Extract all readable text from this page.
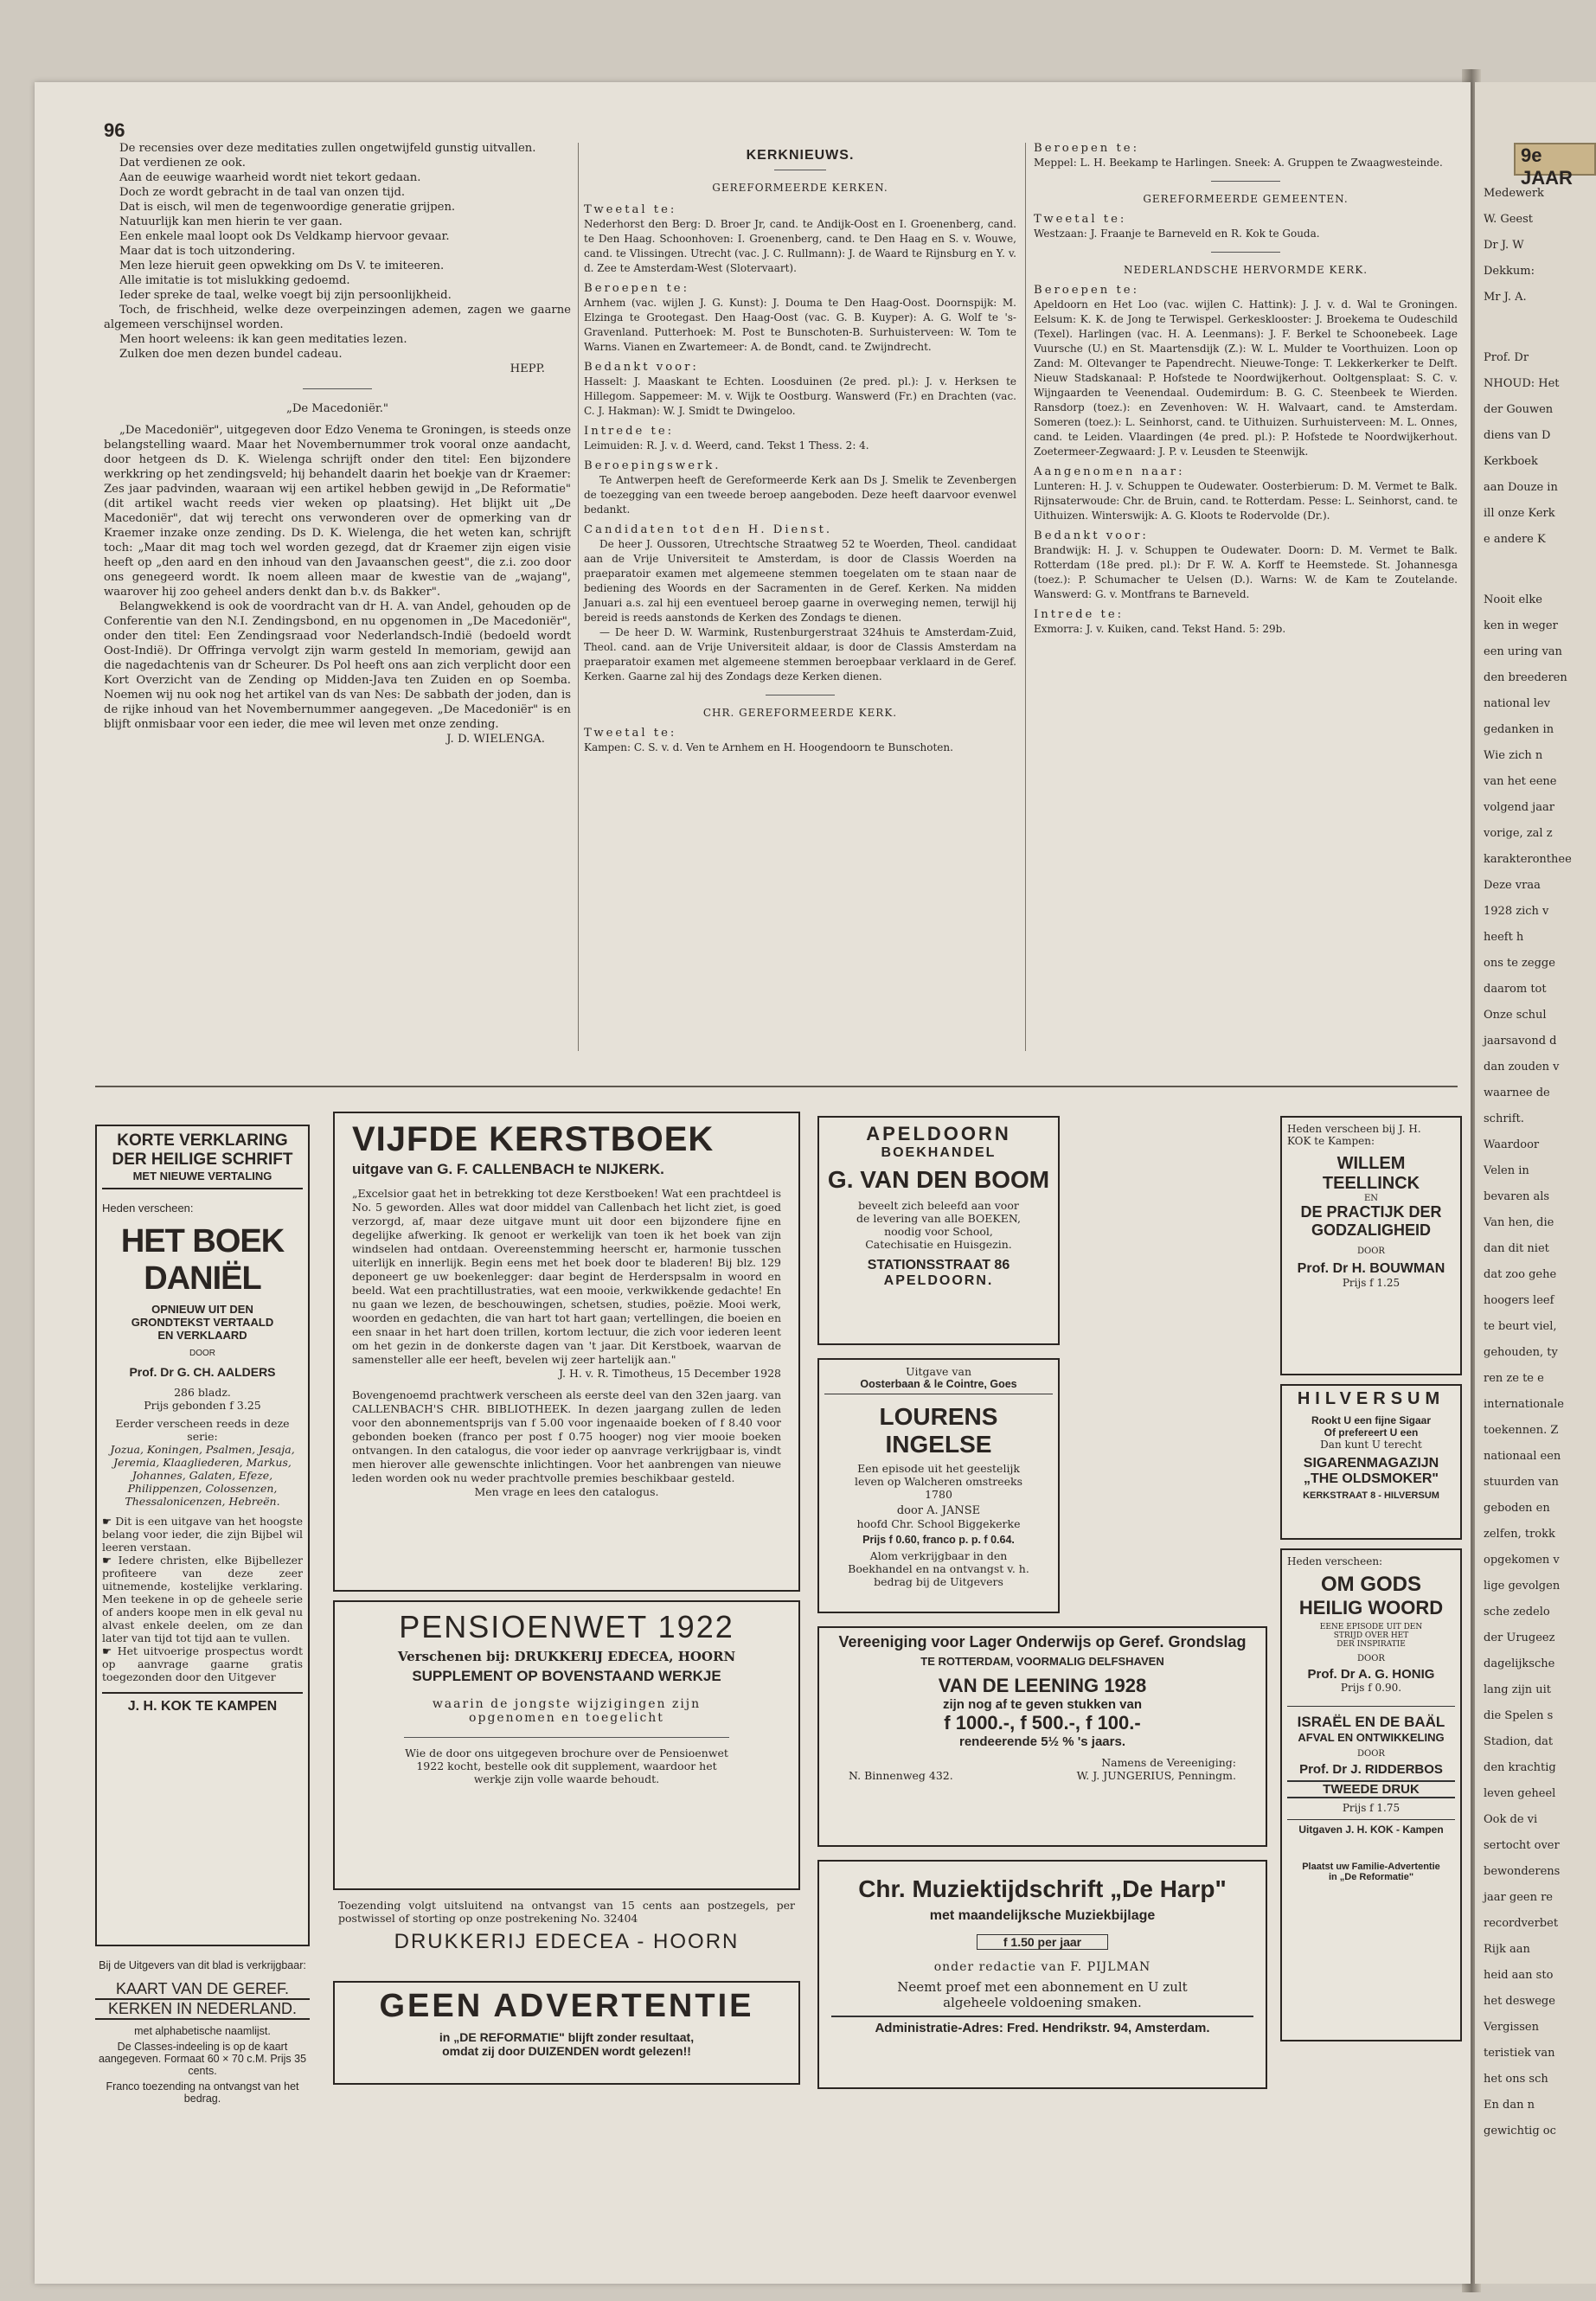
96

De recensies over deze meditaties zullen ongetwijfeld gunstig uitvallen.

Dat verdienen ze ook.

Aan de eeuwige waarheid wordt niet tekort gedaan.

Doch ze wordt gebracht in de taal van onzen tijd.

Dat is eisch, wil men de tegenwoordige generatie grijpen.

Natuurlijk kan men hierin te ver gaan.

Een enkele maal loopt ook Ds Veldkamp hiervoor gevaar.

Maar dat is toch uitzondering.

Men leze hieruit geen opwekking om Ds V. te imiteeren.

Alle imitatie is tot mislukking gedoemd.

Ieder spreke de taal, welke voegt bij zijn persoonlijkheid.

Toch, de frischheid, welke deze overpeinzingen ademen, zagen we gaarne algemeen verschijnsel worden.

Men hoort weleens: ik kan geen meditaties lezen.

Zulken doe men dezen bundel cadeau.

HEPP.

„De Macedoniër."

„De Macedoniër", uitgegeven door Edzo Venema te Groningen, is steeds onze belangstelling waard. Maar het Novembernummer trok vooral onze aandacht, door hetgeen ds D. K. Wielenga schrijft onder den titel: Een bijzondere werkkring op het zendingsveld; hij behandelt daarin het boekje van dr Kraemer: Zes jaar padvinden, waaraan wij een artikel hebben gewijd in „De Reformatie" (dit artikel wacht reeds vier weken op plaatsing). Het blijkt uit „De Macedoniër", dat wij terecht ons verwonderen over de opmerking van dr Kraemer inzake onze zending. Ds D. K. Wielenga, die het weten kan, schrijft toch: „Maar dit mag toch wel worden gezegd, dat dr Kraemer zijn eigen visie heeft op „den aard en den inhoud van den Javaanschen geest", die z.i. zoo door ons genegeerd wordt. Ik noem alleen maar de kwestie van de „wajang", waarover hij zoo geheel anders denkt dan b.v. ds Bakker".

Belangwekkend is ook de voordracht van dr H. A. van Andel, gehouden op de Conferentie van den N.I. Zendingsbond, en nu opgenomen in „De Macedoniër", onder den titel: Een Zendingsraad voor Nederlandsch-Indië (bedoeld wordt Oost-Indië). Dr Offringa vervolgt zijn warm gesteld In memoriam, gewijd aan die nagedachtenis van dr Scheurer. Ds Pol heeft ons aan zich verplicht door een Kort Overzicht van de Zending op Midden-Java ten Zuiden en op Soemba. Noemen wij nu ook nog het artikel van ds van Nes: De sabbath der joden, dan is de rijke inhoud van het Novembernummer aangegeven. „De Macedoniër" is en blijft onmisbaar voor een ieder, die mee wil leven met onze zending.

J. D. WIELENGA.

KERKNIEUWS.

GEREFORMEERDE KERKEN.

Tweetal te:

Nederhorst den Berg: D. Broer Jr, cand. te Andijk-Oost en I. Groenenberg, cand. te Den Haag. Schoonhoven: I. Groenenberg, cand. te Den Haag en S. v. Wouwe, cand. te Vlissingen. Utrecht (vac. J. C. Rullmann): J. de Waard te Rijnsburg en Y. v. d. Zee te Amsterdam-West (Slotervaart).

Beroepen te:

Arnhem (vac. wijlen J. G. Kunst): J. Douma te Den Haag-Oost. Doornspijk: M. Elzinga te Grootegast. Den Haag-Oost (vac. G. B. Kuyper): A. G. Wolf te 's-Gravenland. Putterhoek: M. Post te Bunschoten-B. Surhuisterveen: W. Tom te Warns. Vianen en Zwartemeer: A. de Bondt, cand. te Zwijndrecht.

Bedankt voor:

Hasselt: J. Maaskant te Echten. Loosduinen (2e pred. pl.): J. v. Herksen te Hillegom. Sappemeer: M. v. Wijk te Oostburg. Wanswerd (Fr.) en Drachten (vac. C. J. Hakman): W. J. Smidt te Dwingeloo.

Intrede te:

Leimuiden: R. J. v. d. Weerd, cand. Tekst 1 Thess. 2: 4.

Beroepingswerk.

Te Antwerpen heeft de Gereformeerde Kerk aan Ds J. Smelik te Zevenbergen de toezegging van een tweede beroep aangeboden. Deze heeft daarvoor evenwel bedankt.

Candidaten tot den H. Dienst.

De heer J. Oussoren, Utrechtsche Straatweg 52 te Woerden, Theol. candidaat aan de Vrije Universiteit te Amsterdam, is door de Classis Woerden na praeparatoir examen met algemeene stemmen toegelaten om te staan naar de bediening des Woords en der Sacramenten in de Geref. Kerken. Na midden Januari a.s. zal hij een eventueel beroep gaarne in overweging nemen, terwijl hij bereid is reeds aanstonds de Kerken des Zondags te dienen.

— De heer D. W. Warmink, Rustenburgerstraat 324huis te Amsterdam-Zuid, Theol. cand. aan de Vrije Universiteit aldaar, is door de Classis Amsterdam na praeparatoir examen met algemeene stemmen beroepbaar verklaard in de Geref. Kerken. Gaarne zal hij des Zondags deze Kerken dienen.

CHR. GEREFORMEERDE KERK.

Tweetal te:

Kampen: C. S. v. d. Ven te Arnhem en H. Hoogendoorn te Bunschoten.

Beroepen te:

Meppel: L. H. Beekamp te Harlingen. Sneek: A. Gruppen te Zwaagwesteinde.

GEREFORMEERDE GEMEENTEN.

Tweetal te:

Westzaan: J. Fraanje te Barneveld en R. Kok te Gouda.

NEDERLANDSCHE HERVORMDE KERK.

Beroepen te:

Apeldoorn en Het Loo (vac. wijlen C. Hattink): J. J. v. d. Wal te Groningen. Eelsum: K. K. de Jong te Terwispel. Gerkesklooster: J. Broekema te Oudeschild (Texel). Harlingen (vac. H. A. Leenmans): J. F. Berkel te Schoonebeek. Lage Vuursche (U.) en St. Maartensdijk (Z.): W. L. Mulder te Voorthuizen. Loon op Zand: M. Oltevanger te Papendrecht. Nieuwe-Tonge: T. Lekkerkerker te Delft. Nieuw Stadskanaal: P. Hofstede te Noordwijkerhout. Ooltgensplaat: S. C. v. Wijngaarden te Veenendaal. Oudemirdum: B. G. C. Steenbeek te Wierden. Ransdorp (toez.): en Zevenhoven: W. H. Walvaart, cand. te Amsterdam. Someren (toez.): L. Seinhorst, cand. te Uithuizen. Surhuisterveen: M. L. Onnes, cand. te Leiden. Vlaardingen (4e pred. pl.): P. Hofstede te Noordwijkerhout. Zoetermeer-Zegwaard: J. P. v. Leusden te Steenwijk.

Aangenomen naar:

Lunteren: H. J. v. Schuppen te Oudewater. Oosterbierum: D. M. Vermet te Balk. Rijnsaterwoude: Chr. de Bruin, cand. te Rotterdam. Pesse: L. Seinhorst, cand. te Uithuizen. Winterswijk: A. G. Kloots te Rodervolde (Dr.).

Bedankt voor:

Brandwijk: H. J. v. Schuppen te Oudewater. Doorn: D. M. Vermet te Balk. Rotterdam (18e pred. pl.): Dr F. W. A. Korff te Heemstede. St. Johannesga (toez.): P. Schumacher te Uelsen (D.). Warns: W. de Kam te Zoutelande. Wanswerd: G. v. Montfrans te Barneveld.

Intrede te:

Exmorra: J. v. Kuiken, cand. Tekst Hand. 5: 29b.

KORTE VERKLARING
DER HEILIGE SCHRIFT
MET NIEUWE VERTALING
Heden verscheen:
HET BOEK DANIËL
OPNIEUW UIT DEN
GRONDTEKST VERTAALD
EN VERKLAARD
DOOR
Prof. Dr G. CH. AALDERS
286 bladz.
Prijs gebonden f 3.25
Eerder verscheen reeds in deze serie:
Jozua, Koningen, Psalmen, Jesaja, Jeremia, Klaagliederen, Markus, Johannes, Galaten, Efeze, Philippenzen, Colossenzen, Thessalonicenzen, Hebreën.
☛ Dit is een uitgave van het hoogste belang voor ieder, die zijn Bijbel wil leeren verstaan.
☛ Iedere christen, elke Bijbellezer profiteere van deze zeer uitnemende, kostelijke verklaring. Men teekene in op de geheele serie of anders koope men in elk geval nu alvast enkele deelen, om ze dan later van tijd tot tijd aan te vullen.
☛ Het uitvoerige prospectus wordt op aanvrage gaarne gratis toegezonden door den Uitgever
J. H. KOK TE KAMPEN
Bij de Uitgevers van dit blad is verkrijgbaar:
KAART VAN DE GEREF.
KERKEN IN NEDERLAND.
met alphabetische naamlijst.
De Classes-indeeling is op de kaart aangegeven. Formaat 60 × 70 c.M. Prijs 35 cents.
Franco toezending na ontvangst van het bedrag.
VIJFDE KERSTBOEK
uitgave van G. F. CALLENBACH te NIJKERK.
„Excelsior gaat het in betrekking tot deze Kerstboeken! Wat een prachtdeel is No. 5 geworden. Alles wat door middel van Callenbach het licht ziet, is goed verzorgd, af, maar deze uitgave munt uit door een bijzondere fijne en degelijke afwerking. Ik genoot er werkelijk van toen ik het boek van zijn windselen had ontdaan. Overeenstemming heerscht er, harmonie tusschen uiterlijk en innerlijk. Begin eens met het boek door te bladeren! Bij blz. 129 deponeert ge uw boekenlegger: daar begint de Herderspsalm in woord en beeld. Wat een prachtillustraties, wat een mooie, verkwikkende gedachte! En nu gaan we lezen, de beschouwingen, schetsen, studies, poëzie. Mooi werk, woorden en gedachten, die van hart tot hart gaan; vertellingen, die boeien en een snaar in het hart doen trillen, kortom lectuur, die zich voor iederen leent om het gezin in de donkerste dagen van 't jaar. Dit Kerstboek, waarvan de samensteller alle eer heeft, bevelen wij zeer hartelijk aan."
J. H. v. R. Timotheus, 15 December 1928
Bovengenoemd prachtwerk verscheen als eerste deel van den 32en jaarg. van CALLENBACH'S CHR. BIBLIOTHEEK. In dezen jaargang zullen de leden voor den abonnementsprijs van f 5.00 voor ingenaaide boeken of f 8.40 voor gebonden boeken (franco per post f 0.75 hooger) nog vier mooie boeken ontvangen. In den catalogus, die voor ieder op aanvrage verkrijgbaar is, vindt men hierover alle gewenschte inlichtingen. Voor het aanbrengen van nieuwe leden worden ook nu weder prachtvolle premies beschikbaar gesteld.
Men vrage en lees den catalogus.
PENSIOENWET 1922
Verschenen bij: DRUKKERIJ EDECEA, HOORN
SUPPLEMENT OP BOVENSTAAND WERKJE
waarin de jongste wijzigingen zijn opgenomen en toegelicht
Wie de door ons uitgegeven brochure over de Pensioenwet 1922 kocht, bestelle ook dit supplement, waardoor het werkje zijn volle waarde behoudt.
Toezending volgt uitsluitend na ontvangst van 15 cents aan postzegels, per postwissel of storting op onze postrekening No. 32404
DRUKKERIJ EDECEA - HOORN
GEEN ADVERTENTIE
in „DE REFORMATIE" blijft zonder resultaat,
omdat zij door DUIZENDEN wordt gelezen!!
APELDOORN
BOEKHANDEL
G. VAN DEN BOOM
beveelt zich beleefd aan voor de levering van alle BOEKEN, noodig voor School, Catechisatie en Huisgezin.
STATIONSSTRAAT 86
APELDOORN.
Uitgave van
Oosterbaan & le Cointre, Goes
LOURENS INGELSE
Een episode uit het geestelijk leven op Walcheren omstreeks 1780
door A. JANSE
hoofd Chr. School Biggekerke
Prijs f 0.60, franco p. p. f 0.64.
Alom verkrijgbaar in den Boekhandel en na ontvangst v. h. bedrag bij de Uitgevers
Vereeniging voor Lager Onderwijs op Geref. Grondslag
TE ROTTERDAM, VOORMALIG DELFSHAVEN
VAN DE LEENING 1928
zijn nog af te geven stukken van
f 1000.-, f 500.-, f 100.-
rendeerende 5½ % 's jaars.
Namens de Vereeniging:
N. Binnenweg 432.	W. J. JUNGERIUS, Penningm.
Chr. Muziektijdschrift „De Harp"
met maandelijksche Muziekbijlage
f 1.50 per jaar
onder redactie van F. PIJLMAN
Neemt proef met een abonnement en U zult algeheele voldoening smaken.
Administratie-Adres: Fred. Hendrikstr. 94, Amsterdam.
Heden verscheen bij J. H.
KOK te Kampen:
WILLEM TEELLINCK
EN
DE PRACTIJK DER
GODZALIGHEID
DOOR
Prof. Dr H. BOUWMAN
Prijs f 1.25
HILVERSUM
Rookt U een fijne Sigaar
Of prefereert U een
Dan kunt U terecht
SIGARENMAGAZIJN
„THE OLDSMOKER"
KERKSTRAAT 8 - HILVERSUM
Heden verscheen:
OM GODS
HEILIG WOORD
EENE EPISODE UIT DEN
STRIJD OVER HET
DER INSPIRATIE
DOOR
Prof. Dr A. G. HONIG
Prijs f 0.90.
ISRAËL EN DE BAÄL
AFVAL EN ONTWIKKELING
DOOR
Prof. Dr J. RIDDERBOS
TWEEDE DRUK
Prijs f 1.75
Uitgaven J. H. KOK - Kampen
Plaatst uw Familie-Advertentie
in „De Reformatie"
Medewerk
W. Geest
Dr J. W
Dekkum:
Mr J. A.
Prof. Dr
NHOUD: Het
der Gouwen
diens van D
Kerkboek
aan Douze in
ill onze Kerk
e andere K
Nooit elke
ken in weger
een uring van
den breederen
national lev
gedanken in
Wie zich n
van het eene
volgend jaar
vorige, zal z
karakteronthee
Deze vraa
1928 zich v
heeft h
ons te zegge
daarom tot
Onze schul
jaarsavond d
dan zouden v
waarnee de
schrift.
Waardoor
Velen in
bevaren als
Van hen, die
dan dit niet
dat zoo gehe
hoogers leef
te beurt viel,
gehouden, ty
ren ze te e
internationale
toekennen. Z
nationaal een
stuurden van
geboden en
zelfen, trokk
opgekomen v
lige gevolgen
sche zedelo
der Urugeez
dagelijksche
lang zijn uit
die Spelen s
Stadion, dat
den krachtig
leven geheel
Ook de vi
sertocht over
bewonderens
jaar geen re
recordverbet
Rijk aan
heid aan sto
het deswege
Vergissen
teristiek van
het ons sch
En dan n
gewichtig oc
9e JAAR
